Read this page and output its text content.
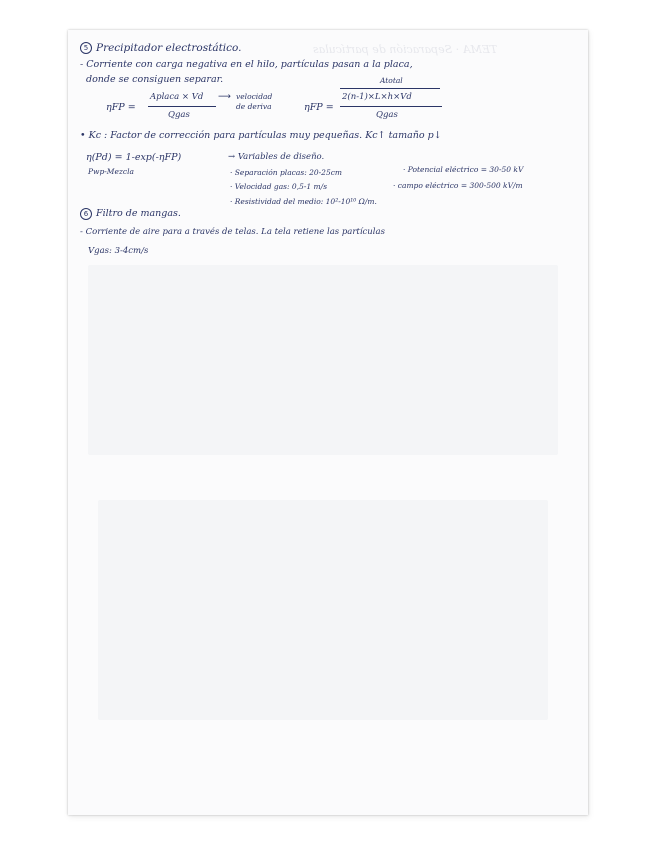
TEMA · Separación de partículas
5 Precipitador electrostático.
- Corriente con carga negativa en el hilo, partículas pasan a la placa,
donde se consiguen separar.
ηFP =
Aplaca × Vd
Qgas
⟶ velocidad
de deriva	ηFP =
Atotal
2(n-1)×L×h×Vd
Qgas
• Kc : Factor de corrección para partículas muy pequeñas. Kc↑ tamaño p↓
η(Pd) = 1-exp(-ηFP)
Pwp-Mezcla
→ Variables de diseño.
· Separación placas: 20-25cm	· Potencial eléctrico = 30-50 kV
· Velocidad gas: 0,5-1 m/s	· campo eléctrico = 300-500 kV/m
· Resistividad del medio: 10²-10¹⁰ Ω/m.
6 Filtro de mangas.
- Corriente de aire para a través de telas. La tela retiene las partículas
Vgas: 3-4cm/s
